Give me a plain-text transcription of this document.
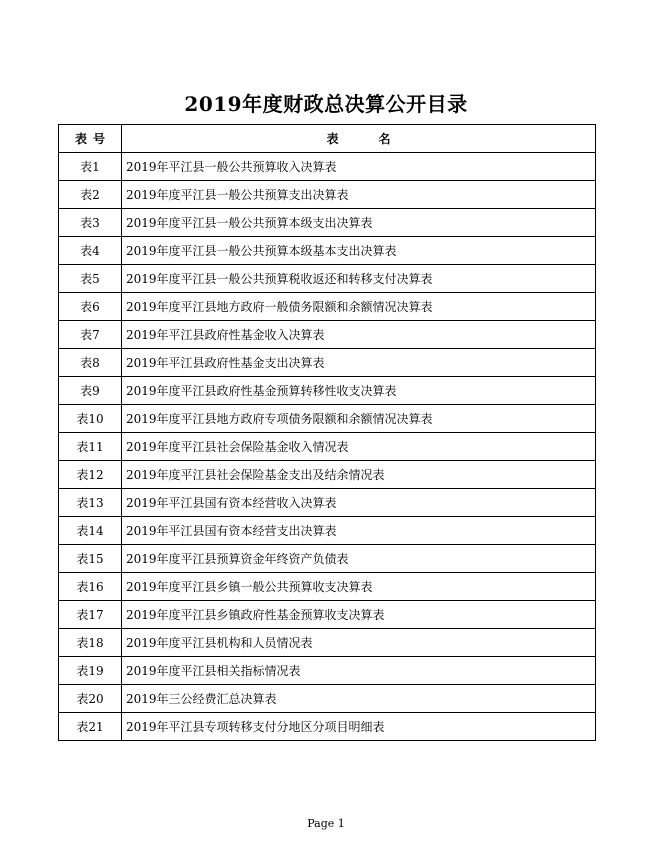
2019年度财政总决算公开目录
表号	表名
表1	2019年平江县一般公共预算收入决算表
表2	2019年度平江县一般公共预算支出决算表
表3	2019年度平江县一般公共预算本级支出决算表
表4	2019年度平江县一般公共预算本级基本支出决算表
表5	2019年度平江县一般公共预算税收返还和转移支付决算表
表6	2019年度平江县地方政府一般债务限额和余额情况决算表
表7	2019年平江县政府性基金收入决算表
表8	2019年平江县政府性基金支出决算表
表9	2019年度平江县政府性基金预算转移性收支决算表
表10	2019年度平江县地方政府专项债务限额和余额情况决算表
表11	2019年度平江县社会保险基金收入情况表
表12	2019年度平江县社会保险基金支出及结余情况表
表13	2019年平江县国有资本经营收入决算表
表14	2019年平江县国有资本经营支出决算表
表15	2019年度平江县预算资金年终资产负债表
表16	2019年度平江县乡镇一般公共预算收支决算表
表17	2019年度平江县乡镇政府性基金预算收支决算表
表18	2019年度平江县机构和人员情况表
表19	2019年度平江县相关指标情况表
表20	2019年三公经费汇总决算表
表21	2019年平江县专项转移支付分地区分项目明细表
Page 1
